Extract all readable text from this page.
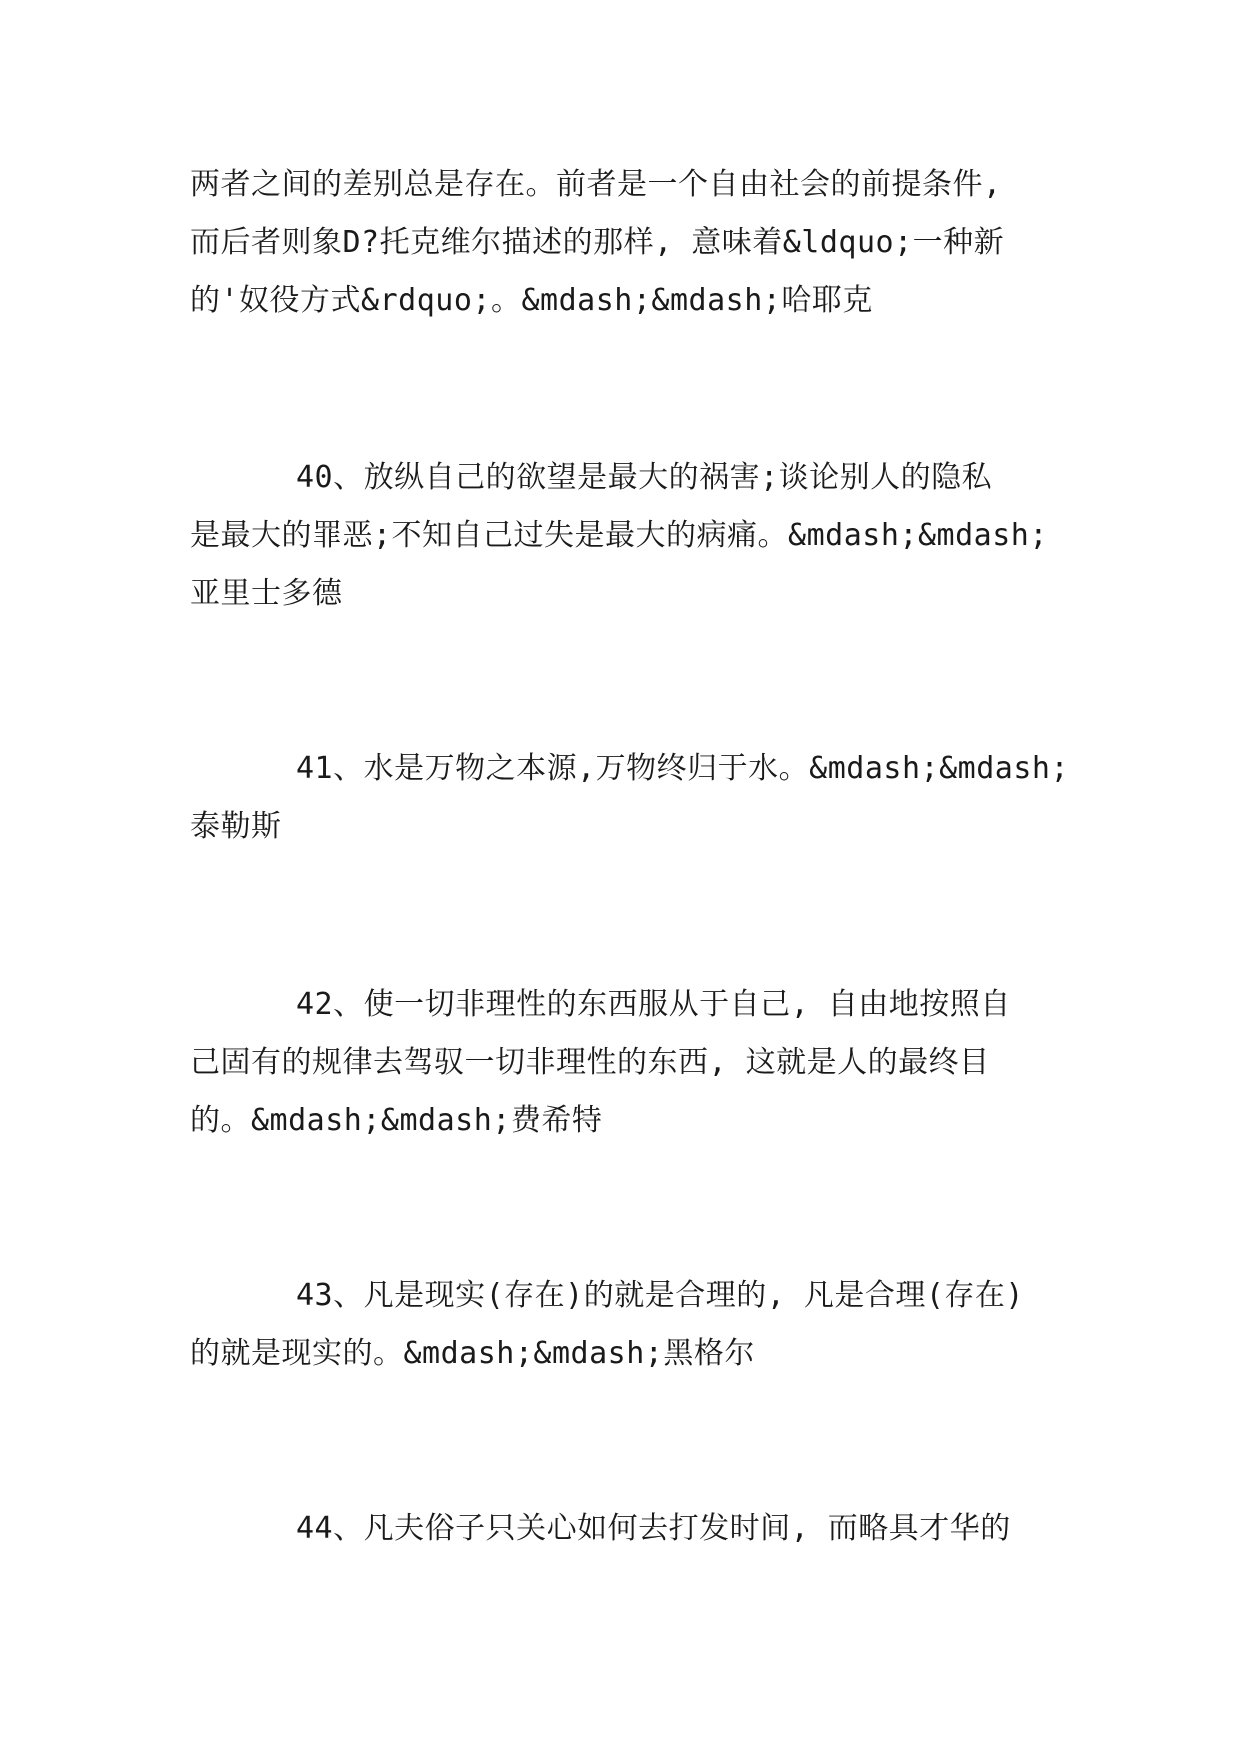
两者之间的差别总是存在。前者是一个自由社会的前提条件,
而后者则象D?托克维尔描述的那样, 意味着&ldquo;一种新
的'奴役方式&rdquo;。&mdash;&mdash;哈耶克

40、放纵自己的欲望是最大的祸害;谈论别人的隐私
是最大的罪恶;不知自己过失是最大的病痛。&mdash;&mdash;
亚里士多德

41、水是万物之本源,万物终归于水。&mdash;&mdash;
泰勒斯

42、使一切非理性的东西服从于自己, 自由地按照自
己固有的规律去驾驭一切非理性的东西, 这就是人的最终目
的。&mdash;&mdash;费希特

43、凡是现实(存在)的就是合理的, 凡是合理(存在)
的就是现实的。&mdash;&mdash;黑格尔

44、凡夫俗子只关心如何去打发时间, 而略具才华的
